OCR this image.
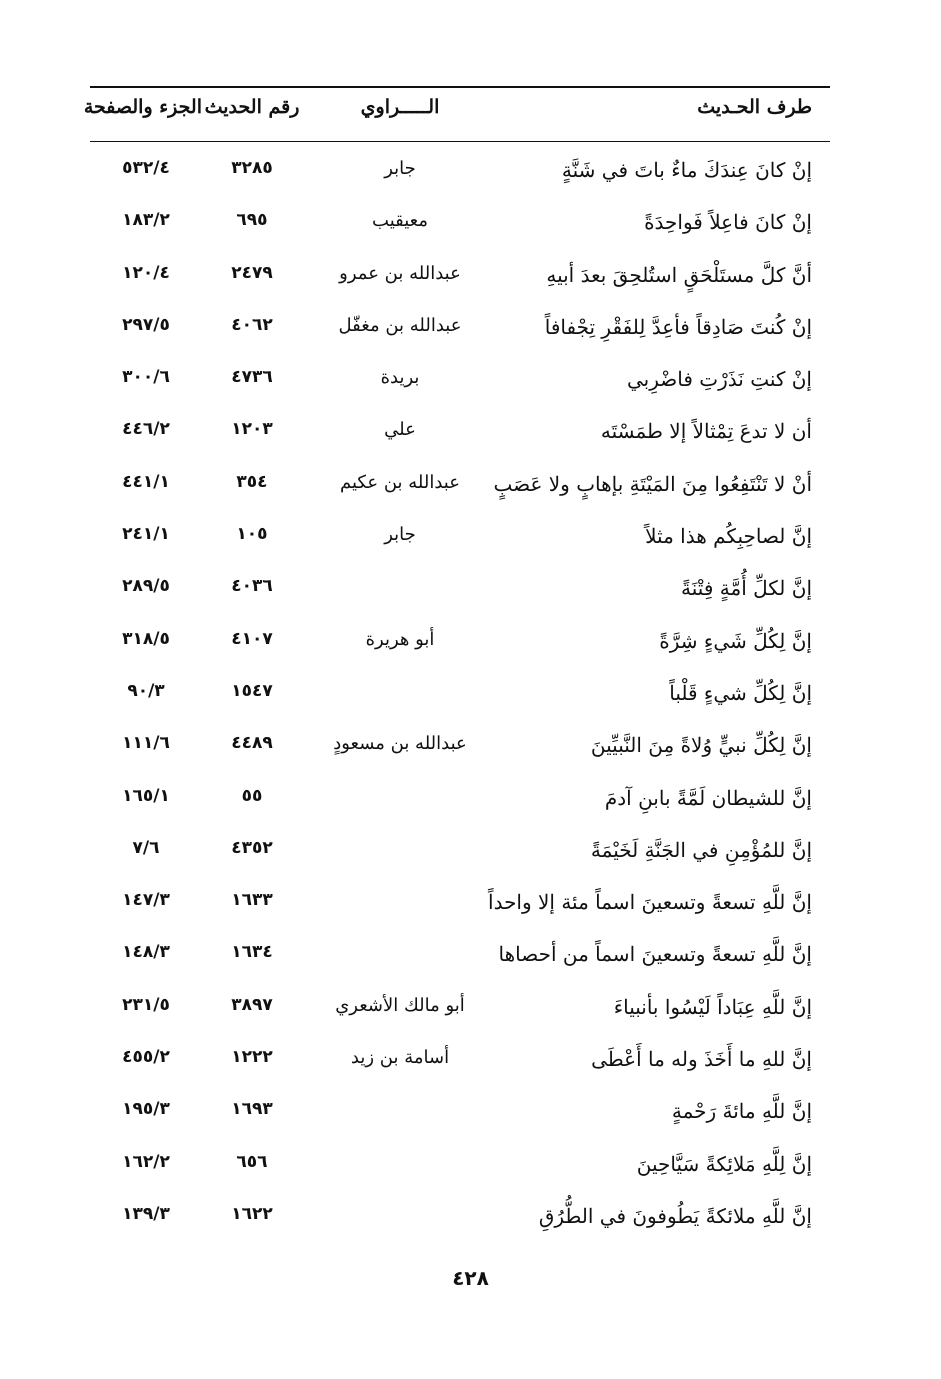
طرف الحـديث
الـــــراوي
رقم الحديث
الجزء والصفحة
إنْ كانَ عِندَكَ ماءٌ باتَ في شَنَّةٍ
جابر
٣٢٨٥
٥٣٢/٤
إنْ كانَ فاعِلاً فَواحِدَةً
معيقيب
٦٩٥
١٨٣/٢
أنَّ كلَّ مستَلْحَقٍ استُلحِقَ بعدَ أبيهِ
عبدالله بن عمرو
٢٤٧٩
١٢٠/٤
إنْ كُنتَ صَادِقاً فأعِدَّ لِلفَقْرِ تِجْفافاً
عبدالله بن مغفّل
٤٠٦٢
٢٩٧/٥
إنْ كنتِ نَذَرْتِ فاضْرِبي
بريدة
٤٧٣٦
٣٠٠/٦
أن لا تدعَ تِمْثالاً إلا طمَسْتَه
علي
١٢٠٣
٤٤٦/٢
أنْ لا تَنْتَفِعُوا مِنَ المَيْتَةِ بإهابٍ ولا عَصَبٍ
عبدالله بن عكيم
٣٥٤
٤٤١/١
إنَّ لصاحِبِكُم هذا مثلاً
جابر
١٠٥
٢٤١/١
إنَّ لكلِّ أُمَّةٍ فِتْنَةً
٤٠٣٦
٢٨٩/٥
إنَّ لِكُلِّ شَيءٍ شِرَّةً
أبو هريرة
٤١٠٧
٣١٨/٥
إنَّ لِكُلِّ شيءٍ قَلْباً
١٥٤٧
٩٠/٣
إنَّ لِكُلِّ نبيٍّ وُلاةً مِنَ النَّبيِّينَ
عبدالله بن مسعودٍ
٤٤٨٩
١١١/٦
إنَّ للشيطان لَمَّةً بابنِ آدمَ
٥٥
١٦٥/١
إنَّ للمُؤْمِنِ في الجَنَّةِ لَخَيْمَةً
٤٣٥٢
٧/٦
إنَّ للَّهِ تسعةً وتسعينَ اسماً مئة إلا واحداً
١٦٣٣
١٤٧/٣
إنَّ للَّهِ تسعةً وتسعينَ اسماً من أحصاها
١٦٣٤
١٤٨/٣
إنَّ للَّهِ عِبَاداً لَيْسُوا بأنبياءَ
أبو مالك الأشعري
٣٨٩٧
٢٣١/٥
إنَّ للهِ ما أَخَذَ وله ما أَعْطَى
أسامة بن زيد
١٢٢٢
٤٥٥/٢
إنَّ للَّهِ مائةَ رَحْمةٍ
١٦٩٣
١٩٥/٣
إنَّ لِلَّهِ مَلائِكةً سَيَّاحِينَ
٦٥٦
١٦٢/٢
إنَّ للَّهِ ملائكةً يَطُوفونَ في الطُّرُقِ
١٦٢٢
١٣٩/٣
٤٢٨
